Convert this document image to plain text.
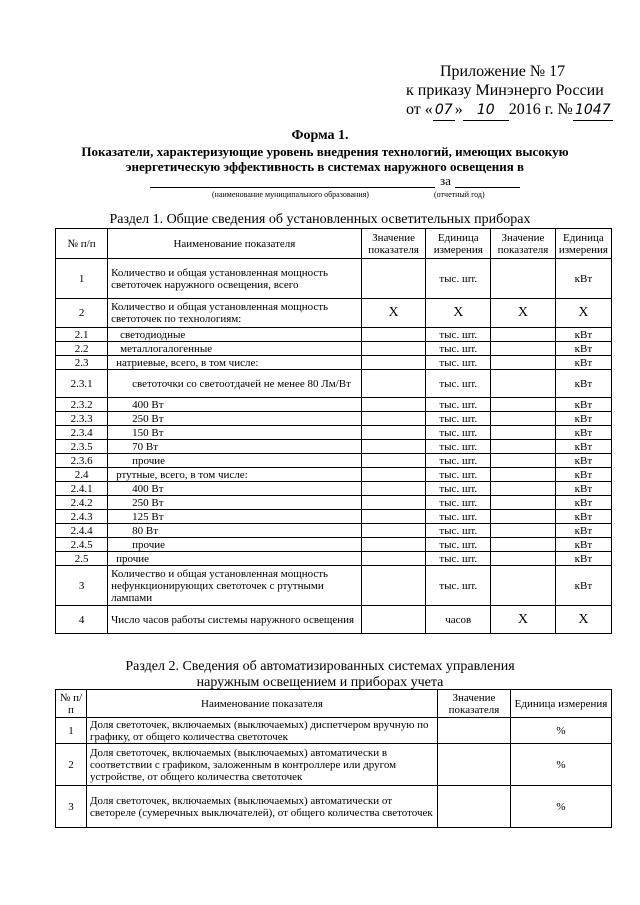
Приложение № 17
к приказу Минэнерго России
от « 07 » 10 2016 г. № 1047
Форма 1.
Показатели, характеризующие уровень внедрения технологий, имеющих высокую энергетическую эффективность в системах наружного освещения в
за
(наименование муниципального образования)	(отчетный год)
Раздел 1. Общие сведения об установленных осветительных приборах
№ п/п	Наименование показателя	Значение показателя	Единица измерения	Значение показателя	Единица измерения
1	Количество и общая установленная мощность светоточек наружного освещения, всего		тыс. шт.		кВт
2	Количество и общая установленная мощность светоточек по технологиям:	X	X	X	X
2.1	светодиодные		тыс. шт.		кВт
2.2	металлогалогенные		тыс. шт.		кВт
2.3	натриевые, всего, в том числе:		тыс. шт.		кВт
2.3.1	светоточки со светоотдачей не менее 80 Лм/Вт		тыс. шт.		кВт
2.3.2	400 Вт		тыс. шт.		кВт
2.3.3	250 Вт		тыс. шт.		кВт
2.3.4	150 Вт		тыс. шт.		кВт
2.3.5	70 Вт		тыс. шт.		кВт
2.3.6	прочие		тыс. шт.		кВт
2.4	ртутные, всего, в том числе:		тыс. шт.		кВт
2.4.1	400 Вт		тыс. шт.		кВт
2.4.2	250 Вт		тыс. шт.		кВт
2.4.3	125 Вт		тыс. шт.		кВт
2.4.4	80 Вт		тыс. шт.		кВт
2.4.5	прочие		тыс. шт.		кВт
2.5	прочие		тыс. шт.		кВт
3	Количество и общая установленная мощность нефункционирующих светоточек с ртутными лампами		тыс. шт.		кВт
4	Число часов работы системы наружного освещения		часов	X	X
Раздел 2. Сведения об автоматизированных системах управления наружным освещением и приборах учета
№ п/п	Наименование показателя	Значение показателя	Единица измерения
1	Доля светоточек, включаемых (выключаемых) диспетчером вручную по графику, от общего количества светоточек		%
2	Доля светоточек, включаемых (выключаемых) автоматически в соответствии с графиком, заложенным в контроллере или другом устройстве, от общего количества светоточек		%
3	Доля светоточек, включаемых (выключаемых) автоматически от светореле (сумеречных выключателей), от общего количества светоточек		%
